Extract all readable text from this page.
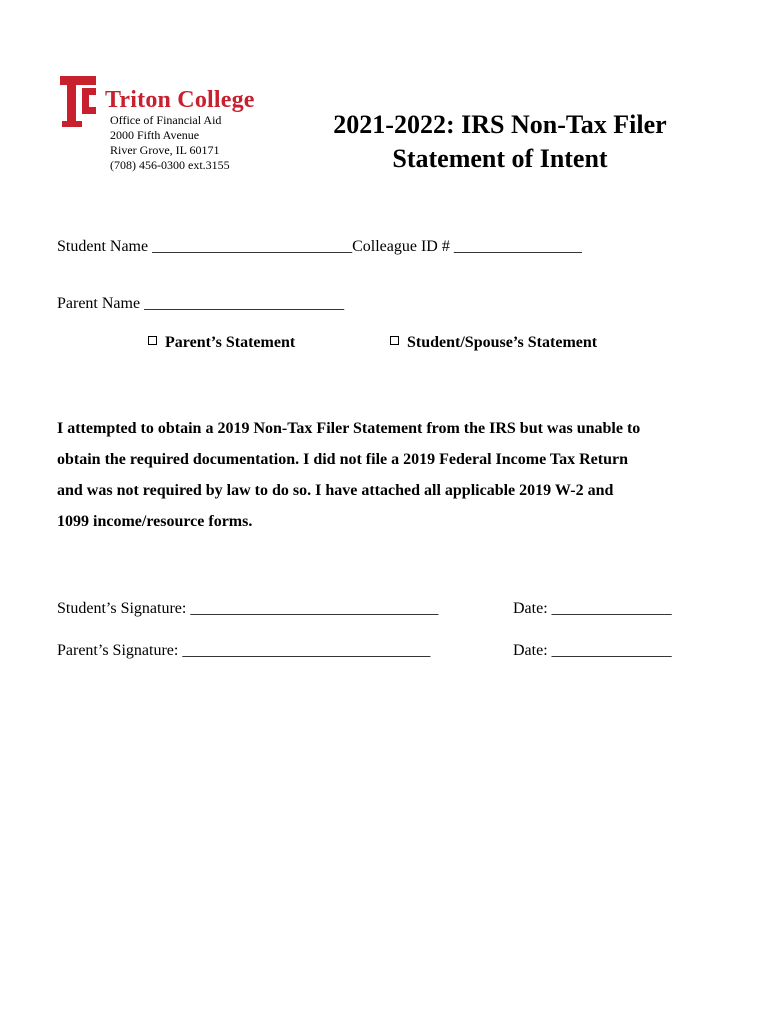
Triton College
Office of Financial Aid
2000 Fifth Avenue
River Grove, IL 60171
(708) 456-0300 ext.3155
2021-2022: IRS Non-Tax Filer
Statement of Intent
Student Name _________________________Colleague ID # ________________
Parent Name _________________________
Parent’s Statement	Student/Spouse’s Statement
I attempted to obtain a 2019 Non-Tax Filer Statement from the IRS but was unable to
obtain the required documentation. I did not file a 2019 Federal Income Tax Return
and was not required by law to do so. I have attached all applicable 2019 W-2 and
1099 income/resource forms.
Student’s Signature: _______________________________	Date: _______________
Parent’s Signature: _______________________________	Date: _______________
